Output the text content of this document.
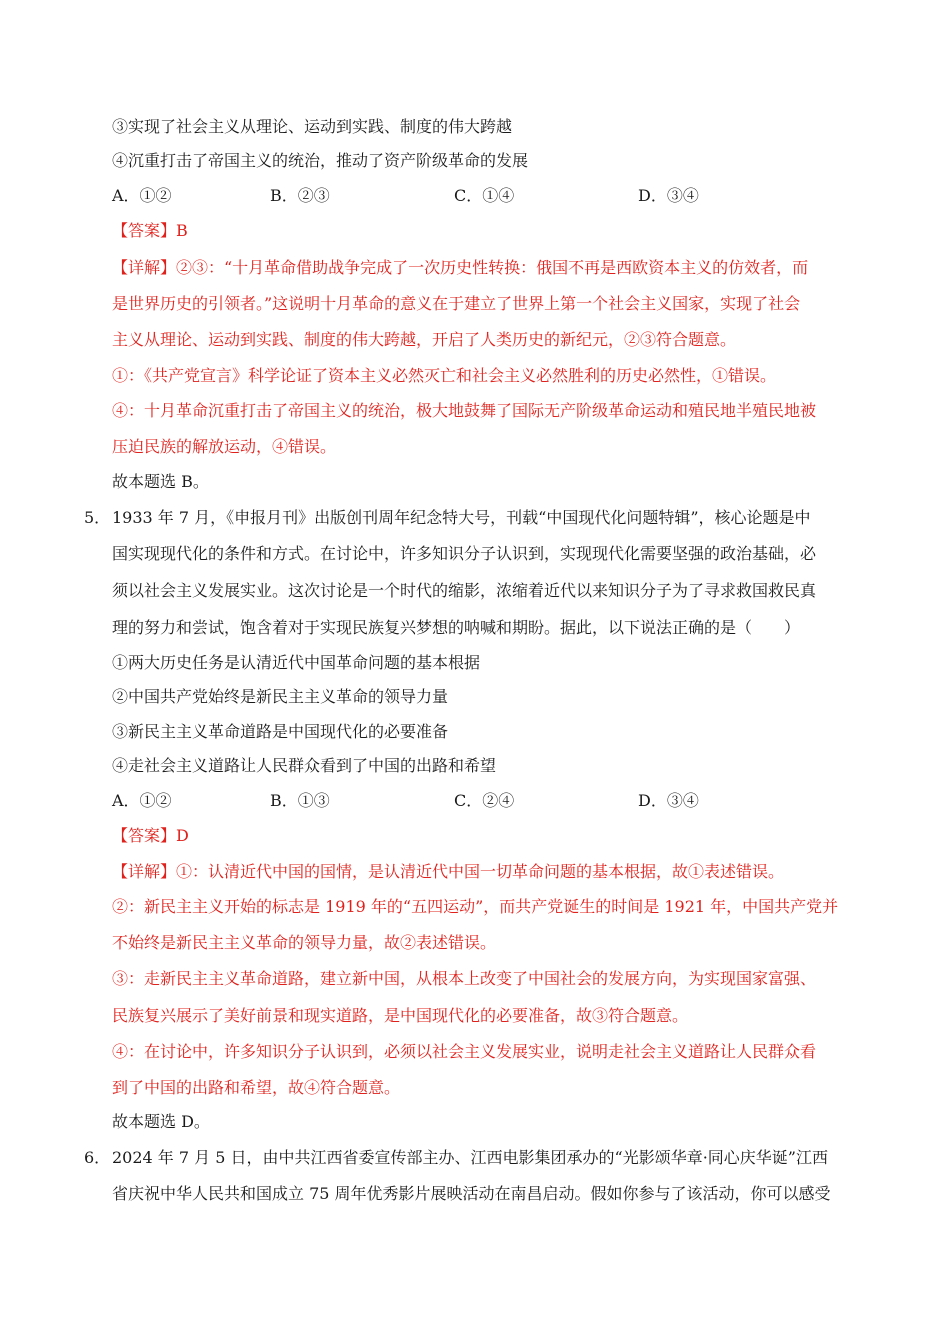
③实现了社会主义从理论、运动到实践、制度的伟大跨越
④沉重打击了帝国主义的统治，推动了资产阶级革命的发展
A．①②	B．②③	C．①④	D．③④
【答案】B
【详解】②③：“十月革命借助战争完成了一次历史性转换：俄国不再是西欧资本主义的仿效者，而
是世界历史的引领者。”这说明十月革命的意义在于建立了世界上第一个社会主义国家，实现了社会
主义从理论、运动到实践、制度的伟大跨越，开启了人类历史的新纪元，②③符合题意。
①：《共产党宣言》科学论证了资本主义必然灭亡和社会主义必然胜利的历史必然性，①错误。
④：十月革命沉重打击了帝国主义的统治，极大地鼓舞了国际无产阶级革命运动和殖民地半殖民地被
压迫民族的解放运动，④错误。
故本题选 B。
5． 1933 年 7 月，《申报月刊》出版创刊周年纪念特大号，刊载“中国现代化问题特辑”，核心论题是中
国实现现代化的条件和方式。在讨论中，许多知识分子认识到，实现现代化需要坚强的政治基础，必
须以社会主义发展实业。这次讨论是一个时代的缩影，浓缩着近代以来知识分子为了寻求救国救民真
理的努力和尝试，饱含着对于实现民族复兴梦想的呐喊和期盼。据此，以下说法正确的是（　　）
①两大历史任务是认清近代中国革命问题的基本根据
②中国共产党始终是新民主主义革命的领导力量
③新民主主义革命道路是中国现代化的必要准备
④走社会主义道路让人民群众看到了中国的出路和希望
A．①②	B．①③	C．②④	D．③④
【答案】D
【详解】①：认清近代中国的国情，是认清近代中国一切革命问题的基本根据，故①表述错误。
②：新民主主义开始的标志是 1919 年的“五四运动”，而共产党诞生的时间是 1921 年，中国共产党并
不始终是新民主主义革命的领导力量，故②表述错误。
③：走新民主主义革命道路，建立新中国，从根本上改变了中国社会的发展方向，为实现国家富强、
民族复兴展示了美好前景和现实道路，是中国现代化的必要准备，故③符合题意。
④：在讨论中，许多知识分子认识到，必须以社会主义发展实业，说明走社会主义道路让人民群众看
到了中国的出路和希望，故④符合题意。
故本题选 D。
6． 2024 年 7 月 5 日，由中共江西省委宣传部主办、江西电影集团承办的“光影颂华章·同心庆华诞”江西
省庆祝中华人民共和国成立 75 周年优秀影片展映活动在南昌启动。假如你参与了该活动，你可以感受
